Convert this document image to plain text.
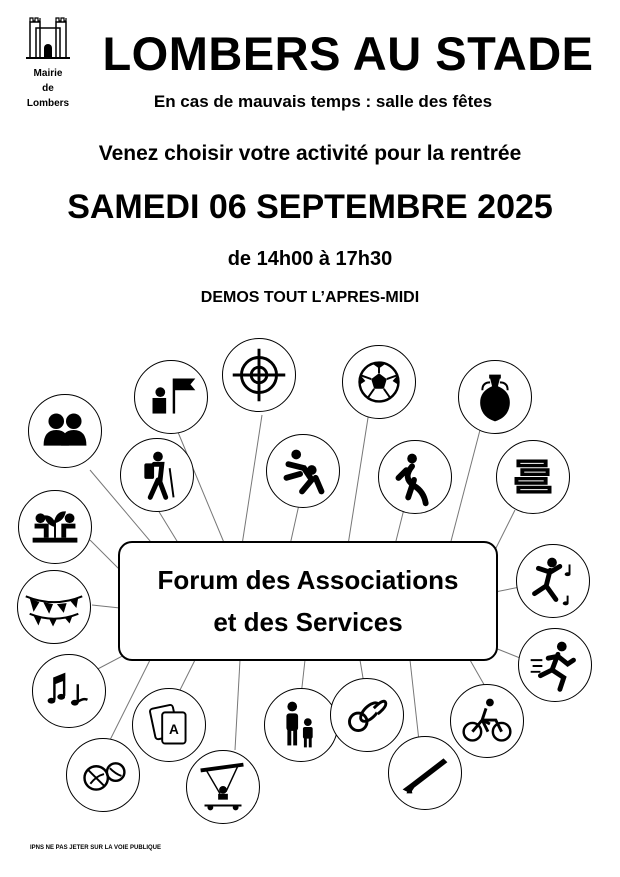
Mairie
de
Lombers
LOMBERS AU STADE
En cas de mauvais temps : salle des fêtes
Venez choisir votre activité pour la rentrée
SAMEDI 06 SEPTEMBRE 2025
de 14h00 à 17h30
DEMOS TOUT L’APRES-MIDI
Forum des Associations
et des Services
A
IPNS NE PAS JETER SUR LA VOIE PUBLIQUE
